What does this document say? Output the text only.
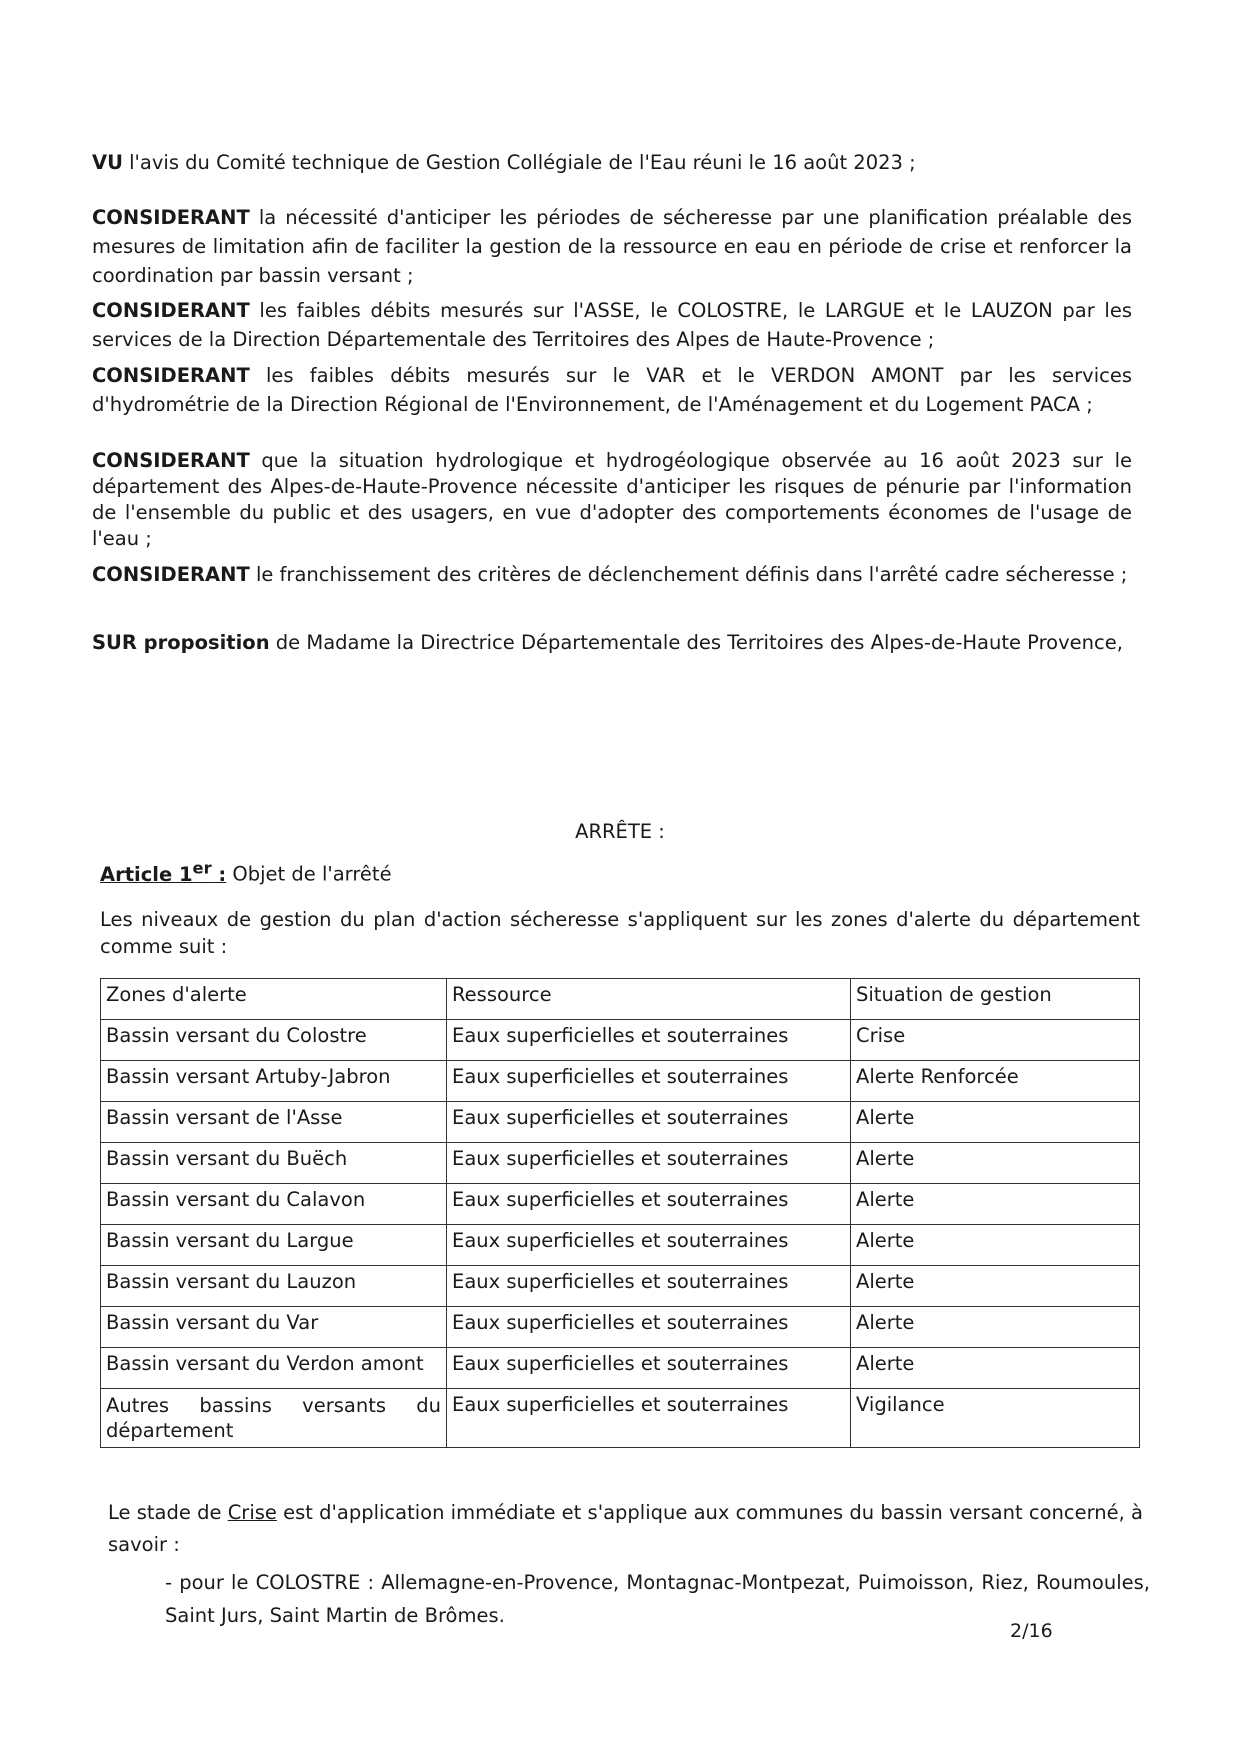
VU l'avis du Comité technique de Gestion Collégiale de l'Eau réuni le 16 août 2023 ;

CONSIDERANT la nécessité d'anticiper les périodes de sécheresse par une planification préalable des mesures de limitation afin de faciliter la gestion de la ressource en eau en période de crise et renforcer la coordination par bassin versant ;

CONSIDERANT les faibles débits mesurés sur l'ASSE, le COLOSTRE, le LARGUE et le LAUZON par les services de la Direction Départementale des Territoires des Alpes de Haute-Provence ;

CONSIDERANT les faibles débits mesurés sur le VAR et le VERDON AMONT par les services d'hydrométrie de la Direction Régional de l'Environnement, de l'Aménagement et du Logement PACA ;

CONSIDERANT que la situation hydrologique et hydrogéologique observée au 16 août 2023 sur le département des Alpes-de-Haute-Provence nécessite d'anticiper les risques de pénurie par l'information de l'ensemble du public et des usagers, en vue d'adopter des comportements économes de l'usage de l'eau ;

CONSIDERANT le franchissement des critères de déclenchement définis dans l'arrêté cadre sécheresse ;

SUR proposition de Madame la Directrice Départementale des Territoires des Alpes-de-Haute Provence,

ARRÊTE :
Article 1er : Objet de l'arrêté

Les niveaux de gestion du plan d'action sécheresse s'appliquent sur les zones d'alerte du département comme suit :

Zones d'alerte	Ressource	Situation de gestion
Bassin versant du Colostre	Eaux superficielles et souterraines	Crise
Bassin versant Artuby-Jabron	Eaux superficielles et souterraines	Alerte Renforcée
Bassin versant de l'Asse	Eaux superficielles et souterraines	Alerte
Bassin versant du Buëch	Eaux superficielles et souterraines	Alerte
Bassin versant du Calavon	Eaux superficielles et souterraines	Alerte
Bassin versant du Largue	Eaux superficielles et souterraines	Alerte
Bassin versant du Lauzon	Eaux superficielles et souterraines	Alerte
Bassin versant du Var	Eaux superficielles et souterraines	Alerte
Bassin versant du Verdon amont	Eaux superficielles et souterraines	Alerte
Autres bassins versants du département	Eaux superficielles et souterraines	Vigilance

Le stade de Crise est d'application immédiate et s'applique aux communes du bassin versant concerné, à savoir :

- pour le COLOSTRE : Allemagne-en-Provence, Montagnac-Montpezat, Puimoisson, Riez, Roumoules, Saint Jurs, Saint Martin de Brômes.

2/16
